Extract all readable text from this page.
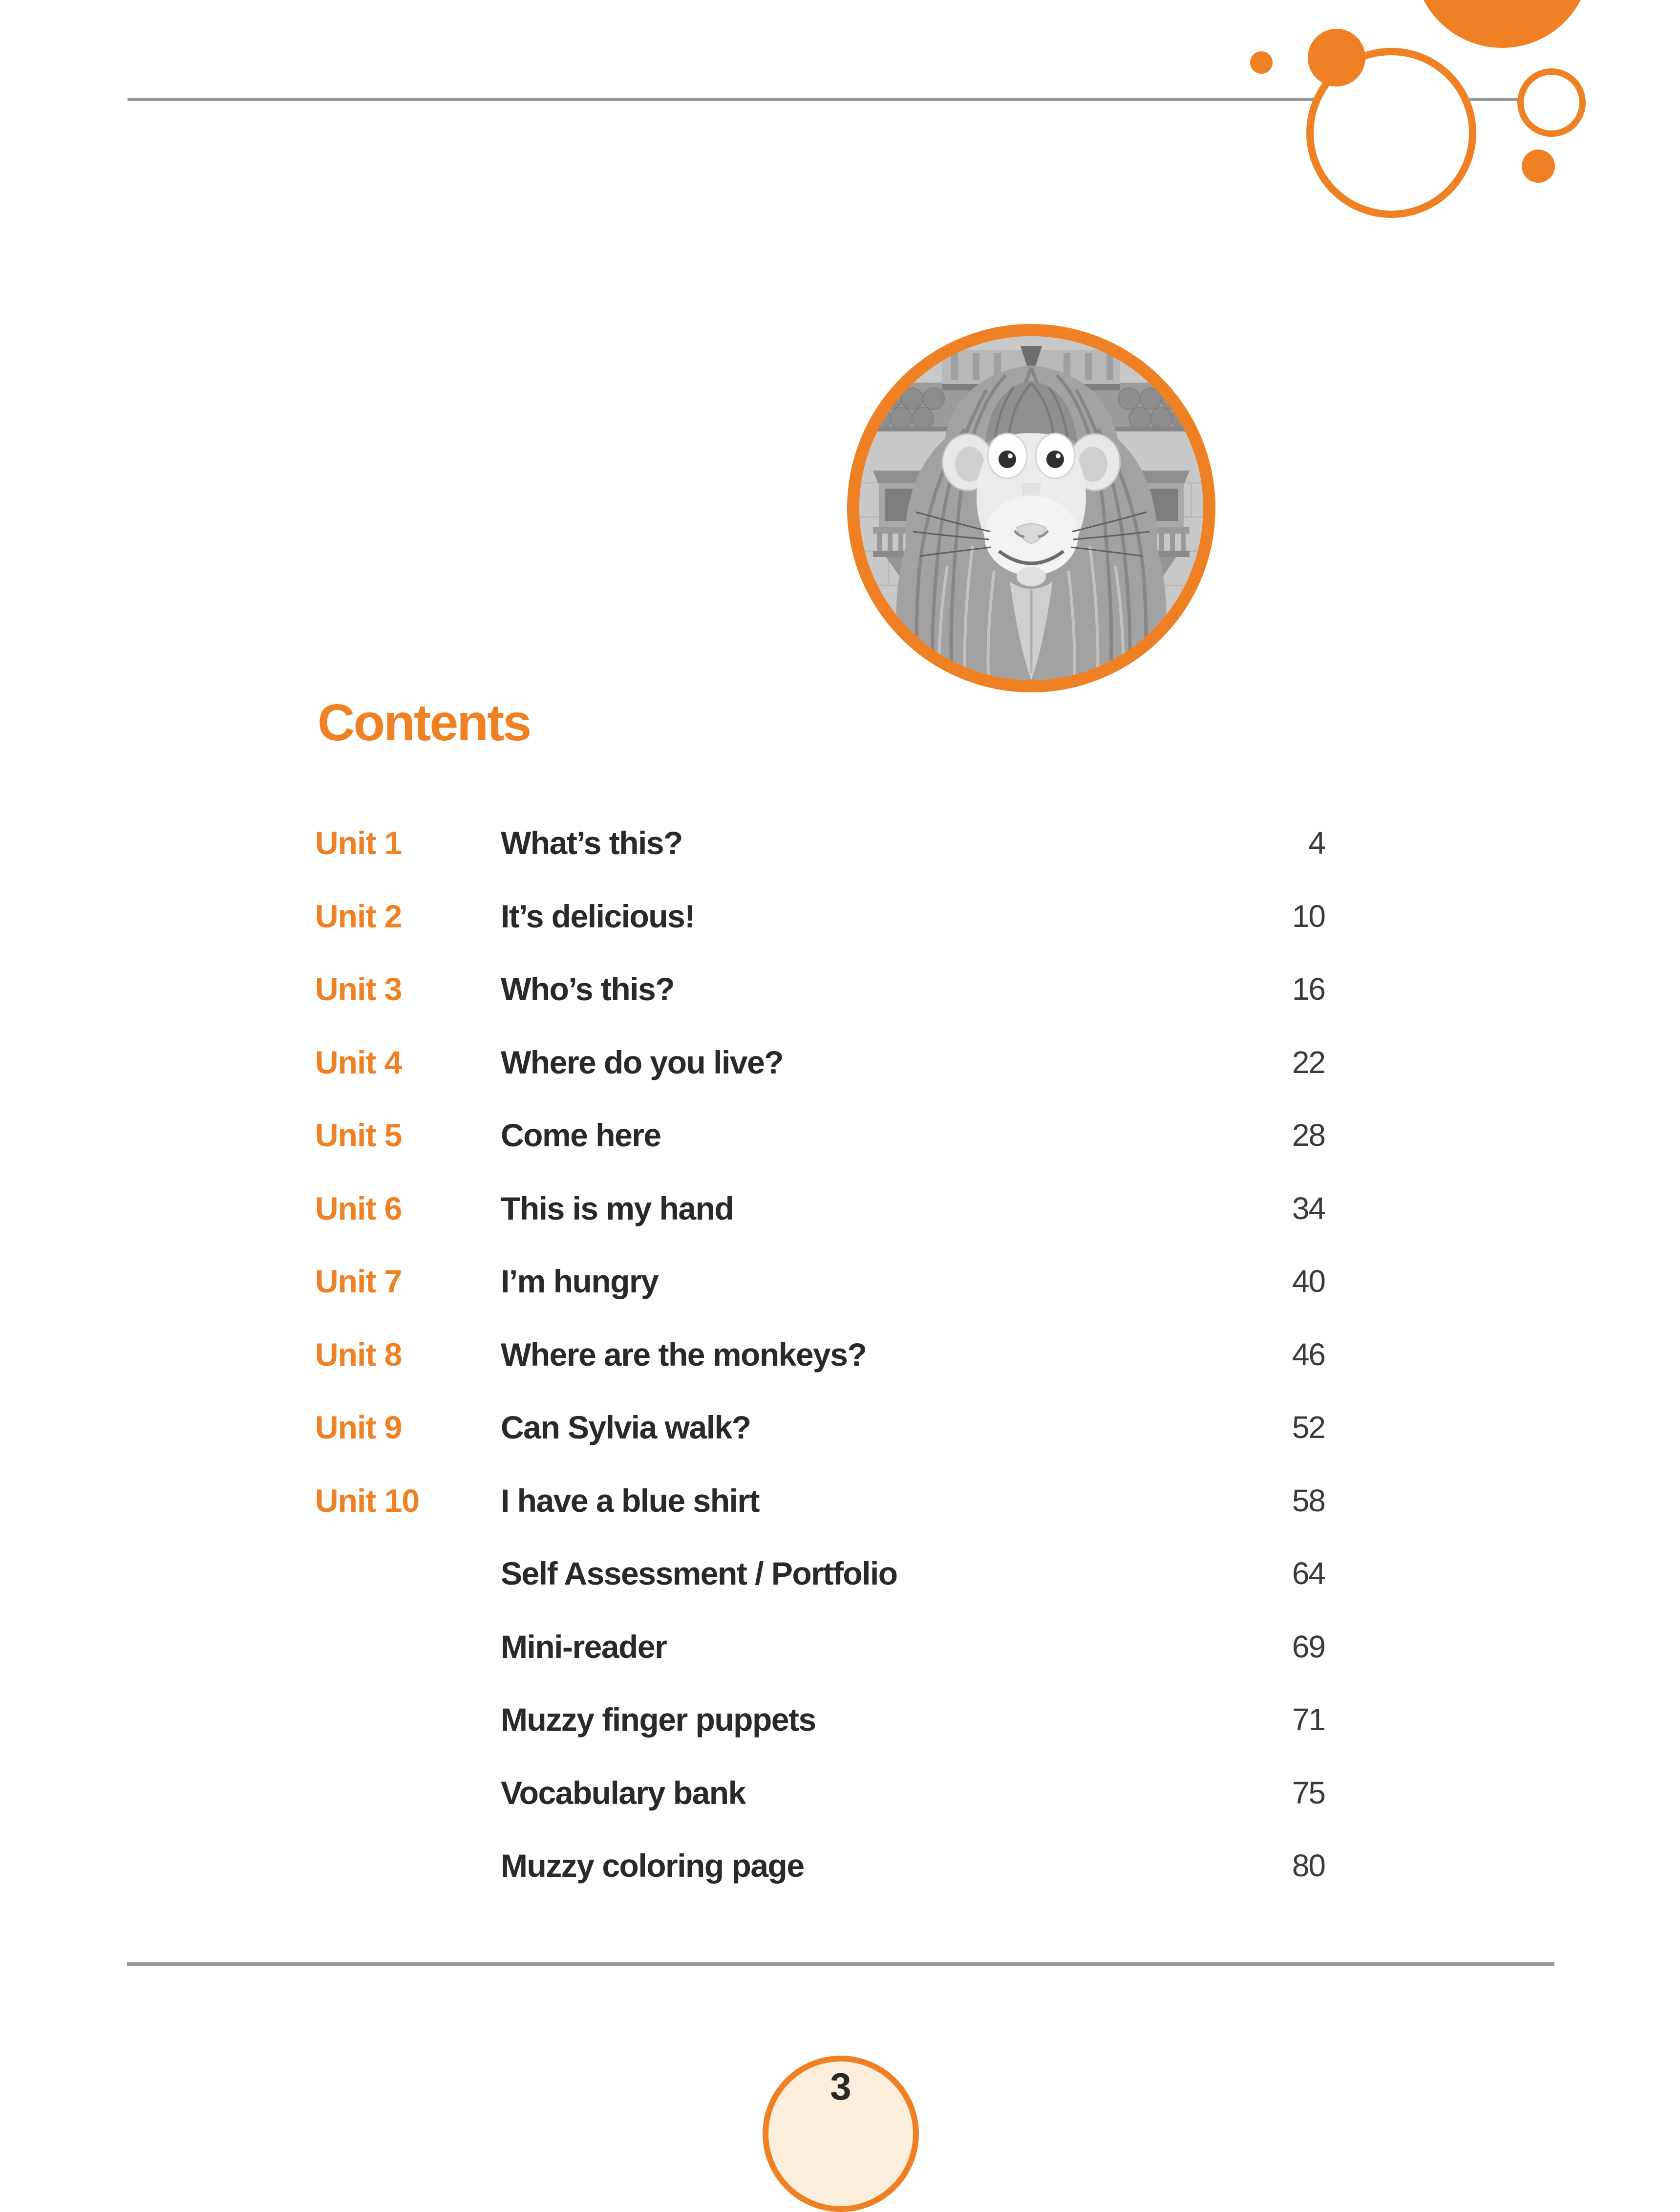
Contents
Unit 1	What’s this?	4
Unit 2	It’s delicious!	10
Unit 3	Who’s this?	16
Unit 4	Where do you live?	22
Unit 5	Come here	28
Unit 6	This is my hand	34
Unit 7	I’m hungry	40
Unit 8	Where are the monkeys?	46
Unit 9	Can Sylvia walk?	52
Unit 10	I have a blue shirt	58
Self Assessment / Portfolio	64
Mini-reader	69
Muzzy finger puppets	71
Vocabulary bank	75
Muzzy coloring page	80
3
